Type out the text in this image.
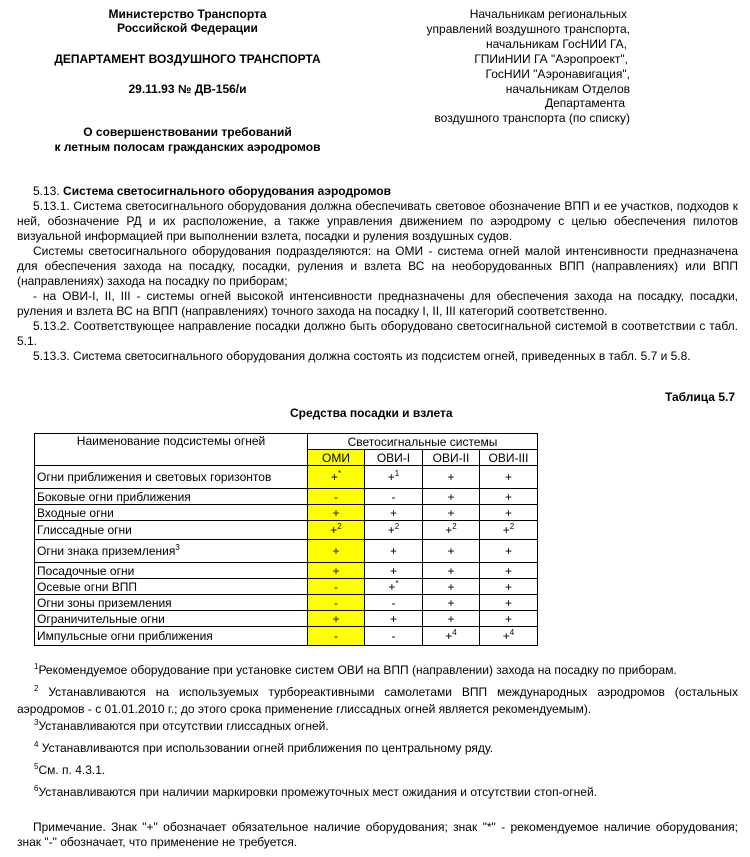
Министерство Транспорта
Российской Федерации
ДЕПАРТАМЕНТ ВОЗДУШНОГО ТРАНСПОРТА
29.11.93 № ДВ-156/и
О совершенствовании требований
к летным полосам гражданских аэродромов
Начальникам региональных
управлений воздушного транспорта,
начальникам ГосНИИ ГА,
ГПИиНИИ ГА "Аэропроект",
ГосНИИ "Аэронавигация",
начальникам Отделов
Департамента
воздушного транспорта (по списку)
5.13. Система светосигнального оборудования аэродромов
5.13.1. Система светосигнального оборудования должна обеспечивать световое обозначение ВПП и ее участков, подходов к ней, обозначение РД и их расположение, а также управления движением по аэродрому с целью обеспечения пилотов визуальной информацией при выполнении взлета, посадки и руления воздушных судов.
Системы светосигнального оборудования подразделяются: на ОМИ - система огней малой интенсивности предназначена для обеспечения захода на посадку, посадки, руления и взлета ВС на необорудованных ВПП (направлениях) или ВПП (направлениях) захода на посадку по приборам;
- на ОВИ-I, II, III - системы огней высокой интенсивности предназначены для обеспечения захода на посадку, посадки, руления и взлета ВС на ВПП (направлениях) точного захода на посадку I, II, III категорий соответственно.
5.13.2. Соответствующее направление посадки должно быть оборудовано светосигнальной системой в соответствии с табл. 5.1.
5.13.3. Система светосигнального оборудования должна состоять из подсистем огней, приведенных в табл. 5.7 и 5.8.
Таблица 5.7
Средства посадки и взлета
Наименование подсистемы огней	Светосигнальные системы			
	ОМИ	ОВИ-I	ОВИ-II	ОВИ-III
Огни приближения и световых горизонтов	+*	+$^1$	+	+
Боковые огни приближения	-	-	+	+
Входные огни	+	+	+	+
Глиссадные огни	+$^2$	+$^2$	+$^2$	+$^2$
Огни знака приземления$^3$	+	+	+	+
Посадочные огни	+	+	+	+
Осевые огни ВПП	-	+*	+	+
Огни зоны приземления	-	-	+	+
Ограничительные огни	+	+	+	+
Импульсные огни приближения	-	-	+$^4$	+$^4$
$^1$Рекомендуемое оборудование при установке систем ОВИ на ВПП (направлении) захода на посадку по приборам.
$^2$ Устанавливаются на используемых турбореактивными самолетами ВПП международных аэродромов (остальных аэродромов - с 01.01.2010 г.; до этого срока применение глиссадных огней является рекомендуемым).
$^3$Устанавливаются при отсутствии глиссадных огней.
$^4$ Устанавливаются при использовании огней приближения по центральному ряду.
$^5$См. п. 4.3.1.
$^6$Устанавливаются при наличии маркировки промежуточных мест ожидания и отсутствии стоп-огней.
Примечание. Знак "+" обозначает обязательное наличие оборудования; знак "*" - рекомендуемое наличие оборудования; знак "-" обозначает, что применение не требуется.
